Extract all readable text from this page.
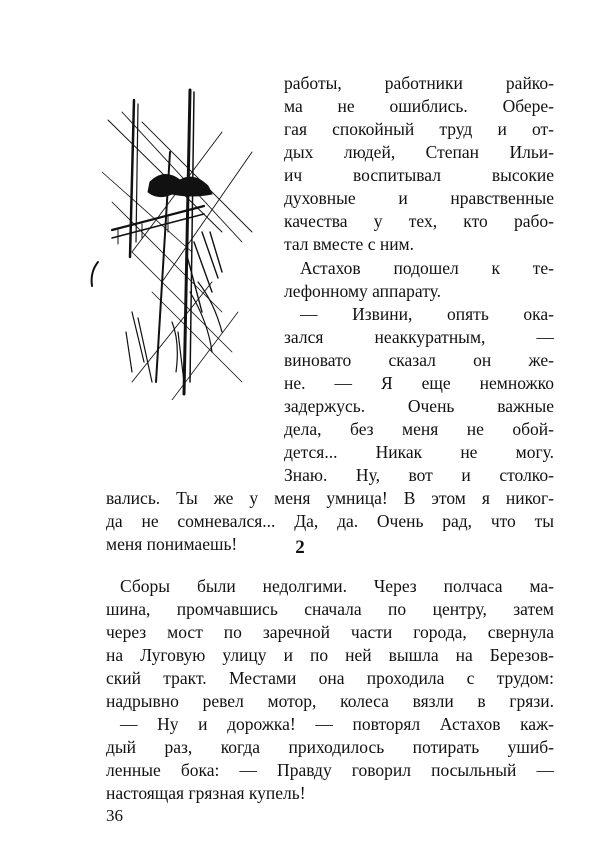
работы, работники райко-
ма не ошиблись. Обере-
гая спокойный труд и от-
дых людей, Степан Ильи-
ич воспитывал высокие
духовные и нравственные
качества у тех, кто рабо-
тал вместе с ним.
Астахов подошел к те-
лефонному аппарату.
— Извини, опять ока-
зался неаккуратным, —
виновато сказал он же-
не. — Я еще немножко
задержусь. Очень важные
дела, без меня не обой-
дется... Никак не могу.
Знаю. Ну, вот и столко-
вались. Ты же у меня умница! В этом я никог-
да не сомневался... Да, да. Очень рад, что ты
меня понимаешь!	2
Сборы были недолгими. Через полчаса ма-
шина, промчавшись сначала по центру, затем
через мост по заречной части города, свернула
на Луговую улицу и по ней вышла на Березов-
ский тракт. Местами она проходила с трудом:
надрывно ревел мотор, колеса вязли в грязи.
— Ну и дорожка! — повторял Астахов каж-
дый раз, когда приходилось потирать ушиб-
ленные бока: — Правду говорил посыльный —
настоящая грязная купель!
36
